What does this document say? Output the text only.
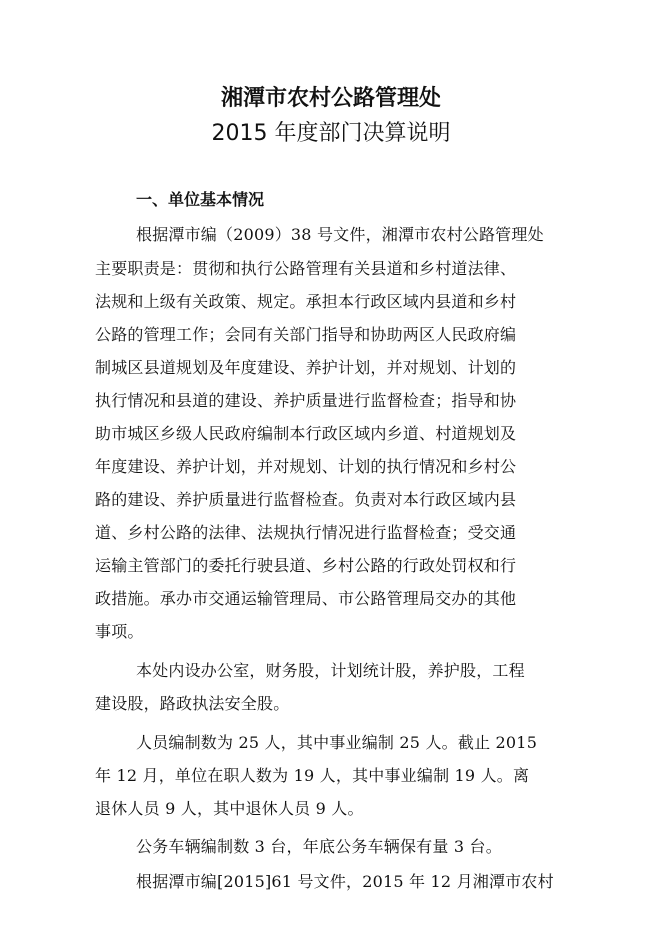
湘潭市农村公路管理处
2015 年度部门决算说明
一、单位基本情况
根据潭市编（2009）38 号文件，湘潭市农村公路管理处
主要职责是：贯彻和执行公路管理有关县道和乡村道法律、
法规和上级有关政策、规定。承担本行政区域内县道和乡村
公路的管理工作；会同有关部门指导和协助两区人民政府编
制城区县道规划及年度建设、养护计划，并对规划、计划的
执行情况和县道的建设、养护质量进行监督检查；指导和协
助市城区乡级人民政府编制本行政区域内乡道、村道规划及
年度建设、养护计划，并对规划、计划的执行情况和乡村公
路的建设、养护质量进行监督检查。负责对本行政区域内县
道、乡村公路的法律、法规执行情况进行监督检查；受交通
运输主管部门的委托行驶县道、乡村公路的行政处罚权和行
政措施。承办市交通运输管理局、市公路管理局交办的其他
事项。
本处内设办公室，财务股，计划统计股，养护股，工程
建设股，路政执法安全股。
人员编制数为 25 人，其中事业编制 25 人。截止 2015
年 12 月，单位在职人数为 19 人，其中事业编制 19 人。离
退休人员 9 人，其中退休人员 9 人。
公务车辆编制数 3 台，年底公务车辆保有量 3 台。
根据潭市编[2015]61 号文件，2015 年 12 月湘潭市农村
